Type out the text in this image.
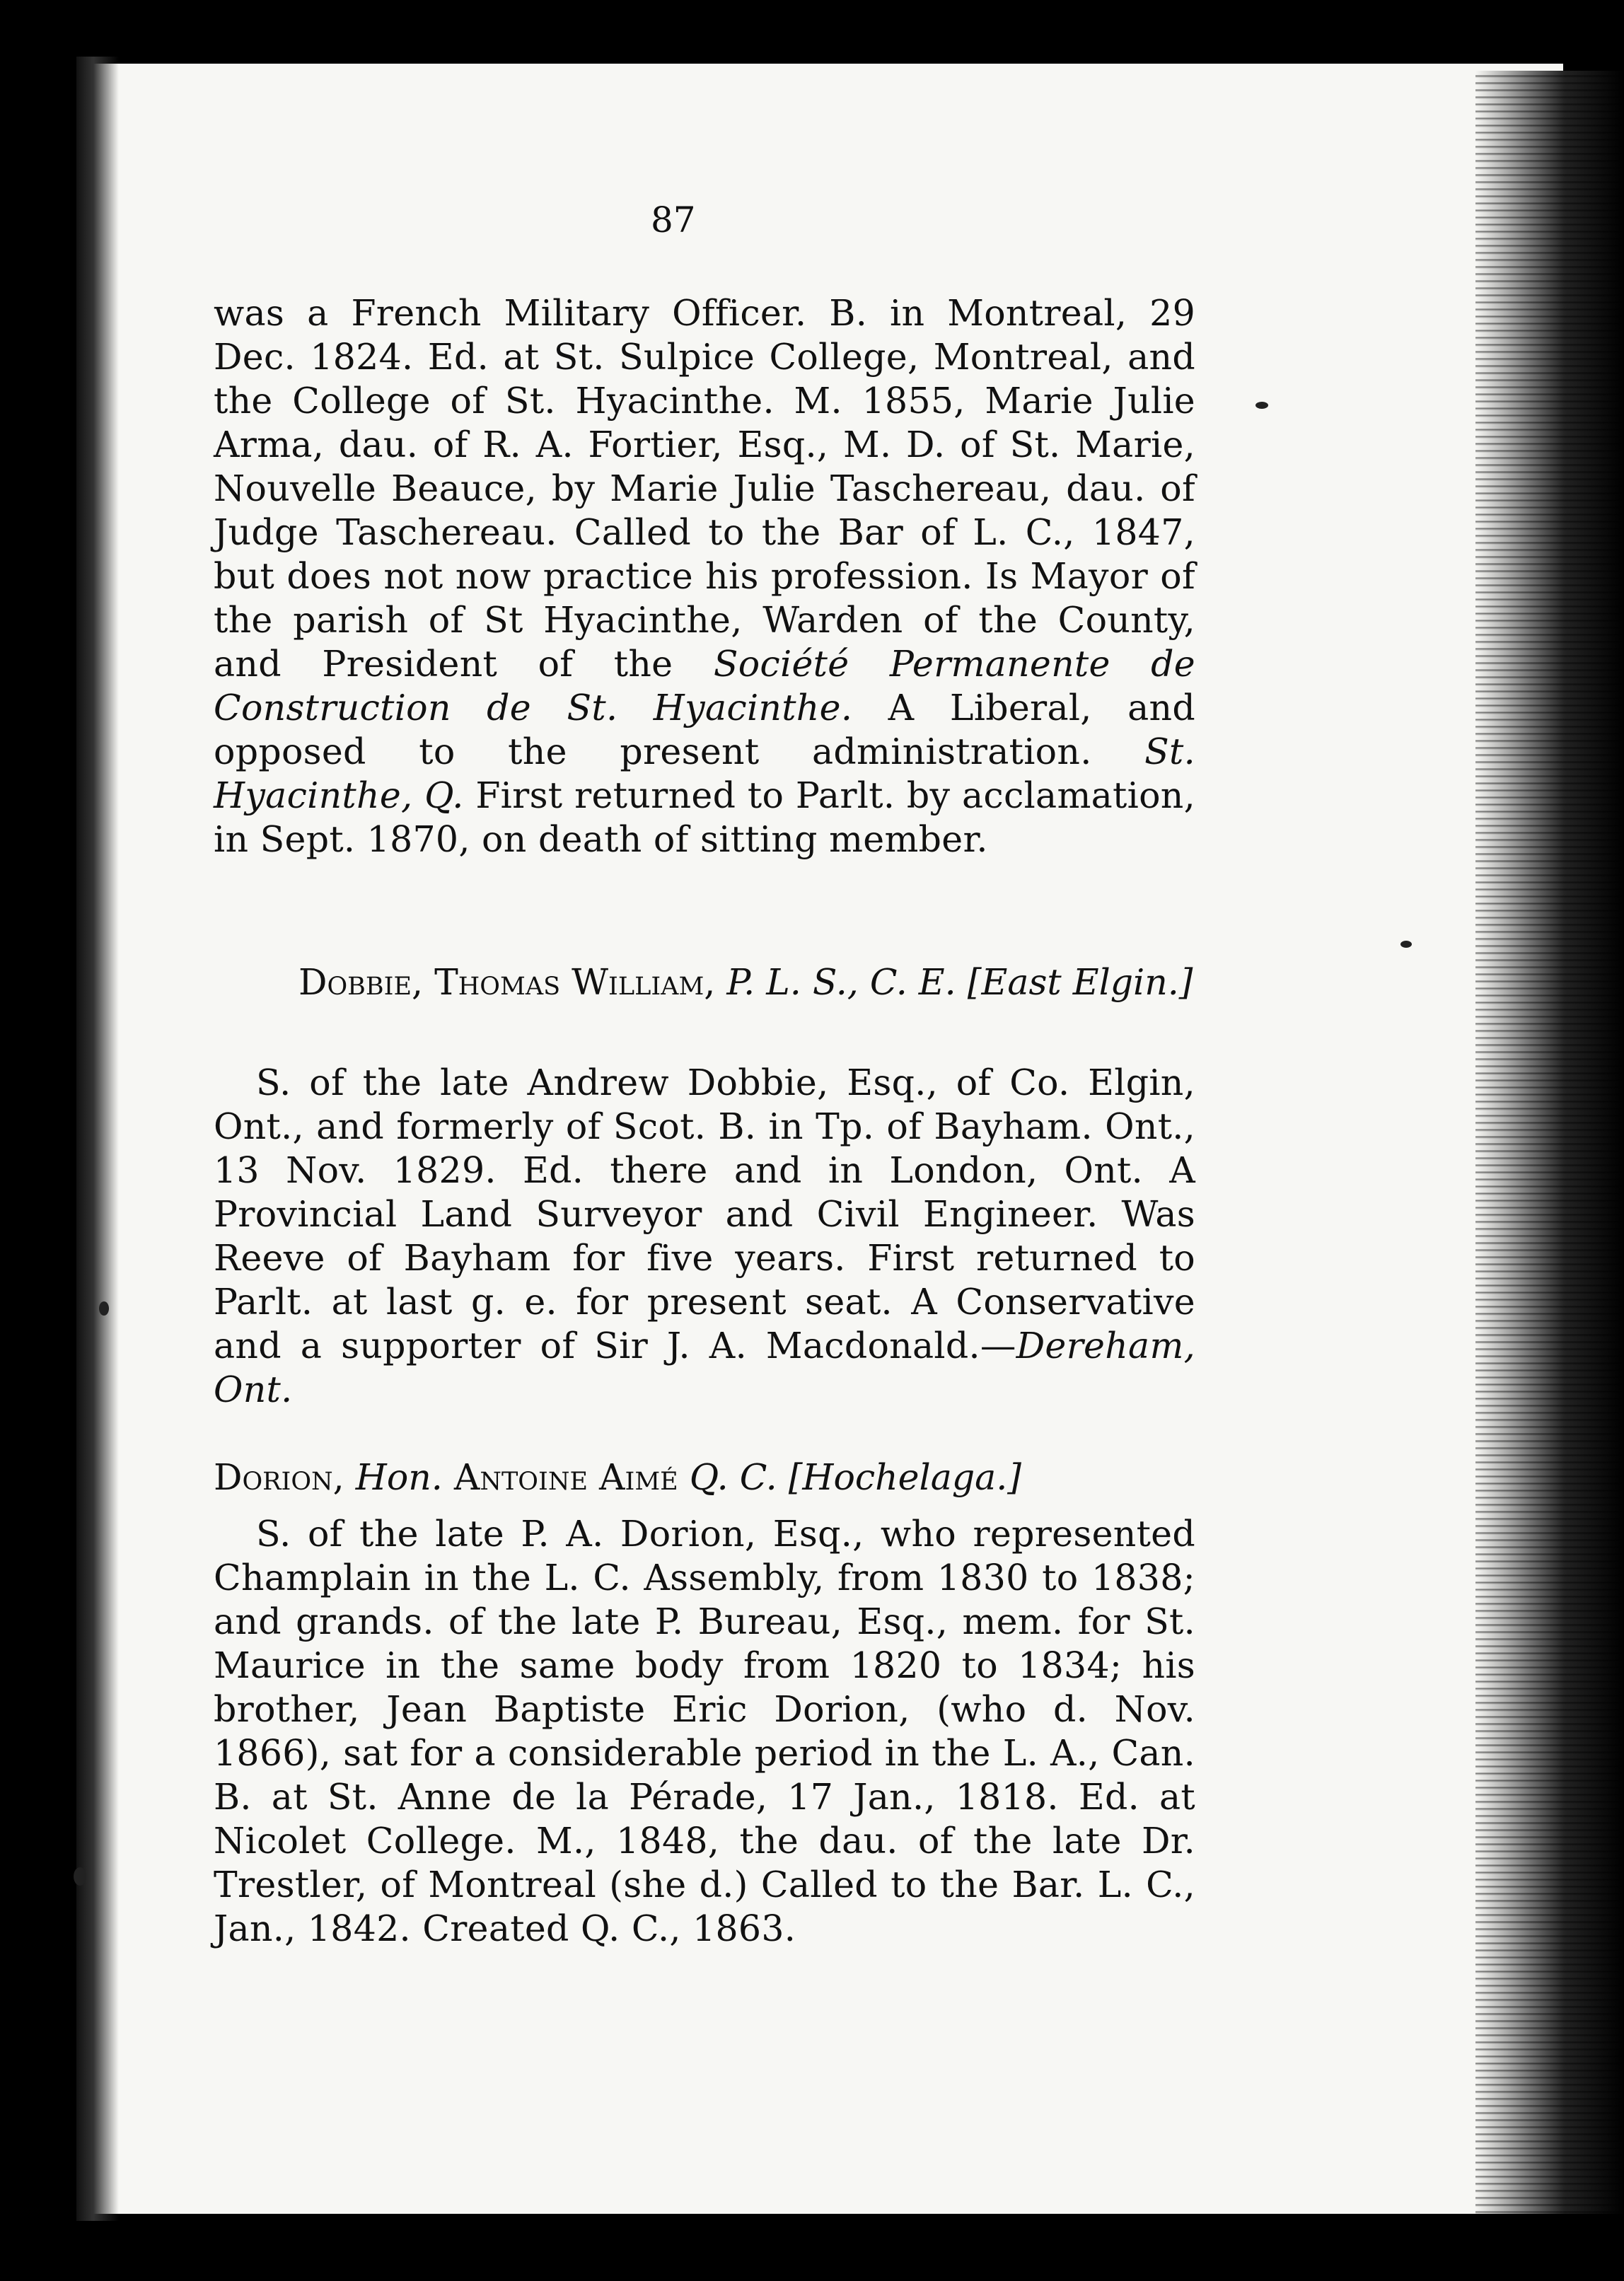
87
was a French Military Officer. B. in Montreal, 29 Dec. 1824. Ed. at St. Sulpice College, Montreal, and the College of St. Hyacinthe. M. 1855, Marie Julie Arma, dau. of R. A. Fortier, Esq., M. D. of St. Marie, Nouvelle Beauce, by Marie Julie Taschereau, dau. of Judge Taschereau. Called to the Bar of L. C., 1847, but does not now practice his profession. Is Mayor of the parish of St Hyacinthe, Warden of the County, and President of the Société Permanente de Construction de St. Hyacinthe. A Liberal, and opposed to the present administration. St. Hyacinthe, Q. First returned to Parlt. by acclamation, in Sept. 1870, on death of sitting member.
Dobbie, Thomas William, P. L. S., C. E. [East Elgin.]
S. of the late Andrew Dobbie, Esq., of Co. Elgin, Ont., and formerly of Scot. B. in Tp. of Bayham. Ont., 13 Nov. 1829. Ed. there and in London, Ont. A Provincial Land Surveyor and Civil Engineer. Was Reeve of Bayham for five years. First returned to Parlt. at last g. e. for present seat. A Conservative and a supporter of Sir J. A. Macdonald.—Dereham, Ont.
Dorion, Hon. Antoine Aimé Q. C. [Hochelaga.]
S. of the late P. A. Dorion, Esq., who represented Champlain in the L. C. Assembly, from 1830 to 1838; and grands. of the late P. Bureau, Esq., mem. for St. Maurice in the same body from 1820 to 1834; his brother, Jean Baptiste Eric Dorion, (who d. Nov. 1866), sat for a considerable period in the L. A., Can. B. at St. Anne de la Pérade, 17 Jan., 1818. Ed. at Nicolet College. M., 1848, the dau. of the late Dr. Trestler, of Montreal (she d.) Called to the Bar. L. C., Jan., 1842. Created Q. C., 1863.
